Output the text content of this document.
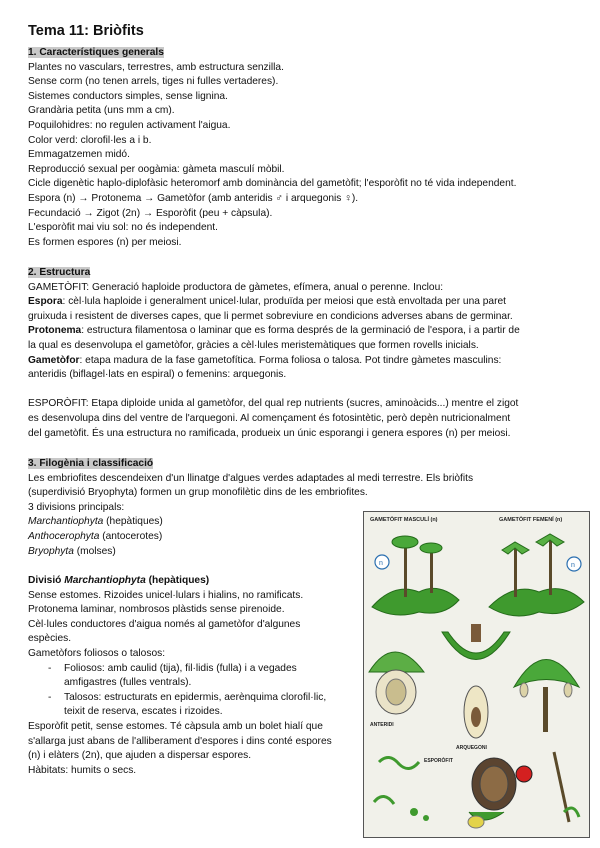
Tema 11: Briòfits
1. Característiques generals
Plantes no vasculars, terrestres, amb estructura senzilla.
Sense corm (no tenen arrels, tiges ni fulles vertaderes).
Sistemes conductors simples, sense lignina.
Grandària petita (uns mm a cm).
Poquilohidres: no regulen activament l'aigua.
Color verd: clorofil·les a i b.
Emmagatzemen midó.
Reproducció sexual per oogàmia: gàmeta masculí mòbil.
Cicle digenètic haplo-diplofàsic heteromorf amb dominància del gametòfit; l'esporòfit no té vida independent.
Espora (n) → Protonema → Gametòfor (amb anteridis ♂ i arquegonis ♀).
Fecundació → Zigot (2n) → Esporòfit (peu + càpsula).
L'esporòfit mai viu sol: no és independent.
Es formen espores (n) per meiosi.
2. Estructura
GAMETÒFIT: Generació haploide productora de gàmetes, efímera, anual o perenne. Inclou:
Espora: cèl·lula haploide i generalment unicel·lular, produïda per meiosi que està envoltada per una paret
gruixuda i resistent de diverses capes, que li permet sobreviure en condicions adverses abans de germinar.
Protonema: estructura filamentosa o laminar que es forma després de la germinació de l'espora, i a partir de
la qual es desenvolupa el gametòfor, gràcies a cèl·lules meristemàtiques que formen rovells inicials.
Gametòfor: etapa madura de la fase gametofítica. Forma foliosa o talosa. Pot tindre gàmetes masculins:
anteridis (biflagel·lats en espiral) o femenins: arquegonis.
ESPORÒFIT: Etapa diploide unida al gametòfor, del qual rep nutrients (sucres, aminoàcids...) mentre el zigot
es desenvolupa dins del ventre de l'arquegoni. Al començament és fotosintètic, però depèn nutricionalment
del gametòfit. És una estructura no ramificada, produeix un únic esporangi i genera espores (n) per meiosi.
3. Filogènia i classificació
Les embriofites descendeixen d'un llinatge d'algues verdes adaptades al medi terrestre. Els briòfits
(superdivisió Bryophyta) formen un grup monofilètic dins de les embriofites.
3 divisions principals:
Marchantiophyta (hepàtiques)
Anthocerophyta (antocerotes)
Bryophyta (molses)
Divisió Marchantiophyta (hepàtiques)
Sense estomes. Rizoides unicel·lulars i hialins, no ramificats.
Protonema laminar, nombrosos plàstids sense pirenoide.
Cèl·lules conductores d'aigua només al gametòfor d'algunes
espècies.
Gametòfors foliosos o talosos:
- Foliosos: amb caulid (tija), fil·lidis (fulla) i a vegades
amfigastres (fulles ventrals).
- Talosos: estructurats en epidermis, aerènquima clorofil·lic,
teixit de reserva, escates i rizoides.
Esporòfit petit, sense estomes. Té càpsula amb un bolet hialí que
s'allarga just abans de l'alliberament d'espores i dins conté espores
(n) i elàters (2n), que ajuden a dispersar espores.
Hàbitats: humits o secs.
GAMETÒFIT MASCULÍ (n)	GAMETÒFIT FEMENÍ (n)
n	n
ANTERIDI
ARQUEGONI
ESPORÒFIT
